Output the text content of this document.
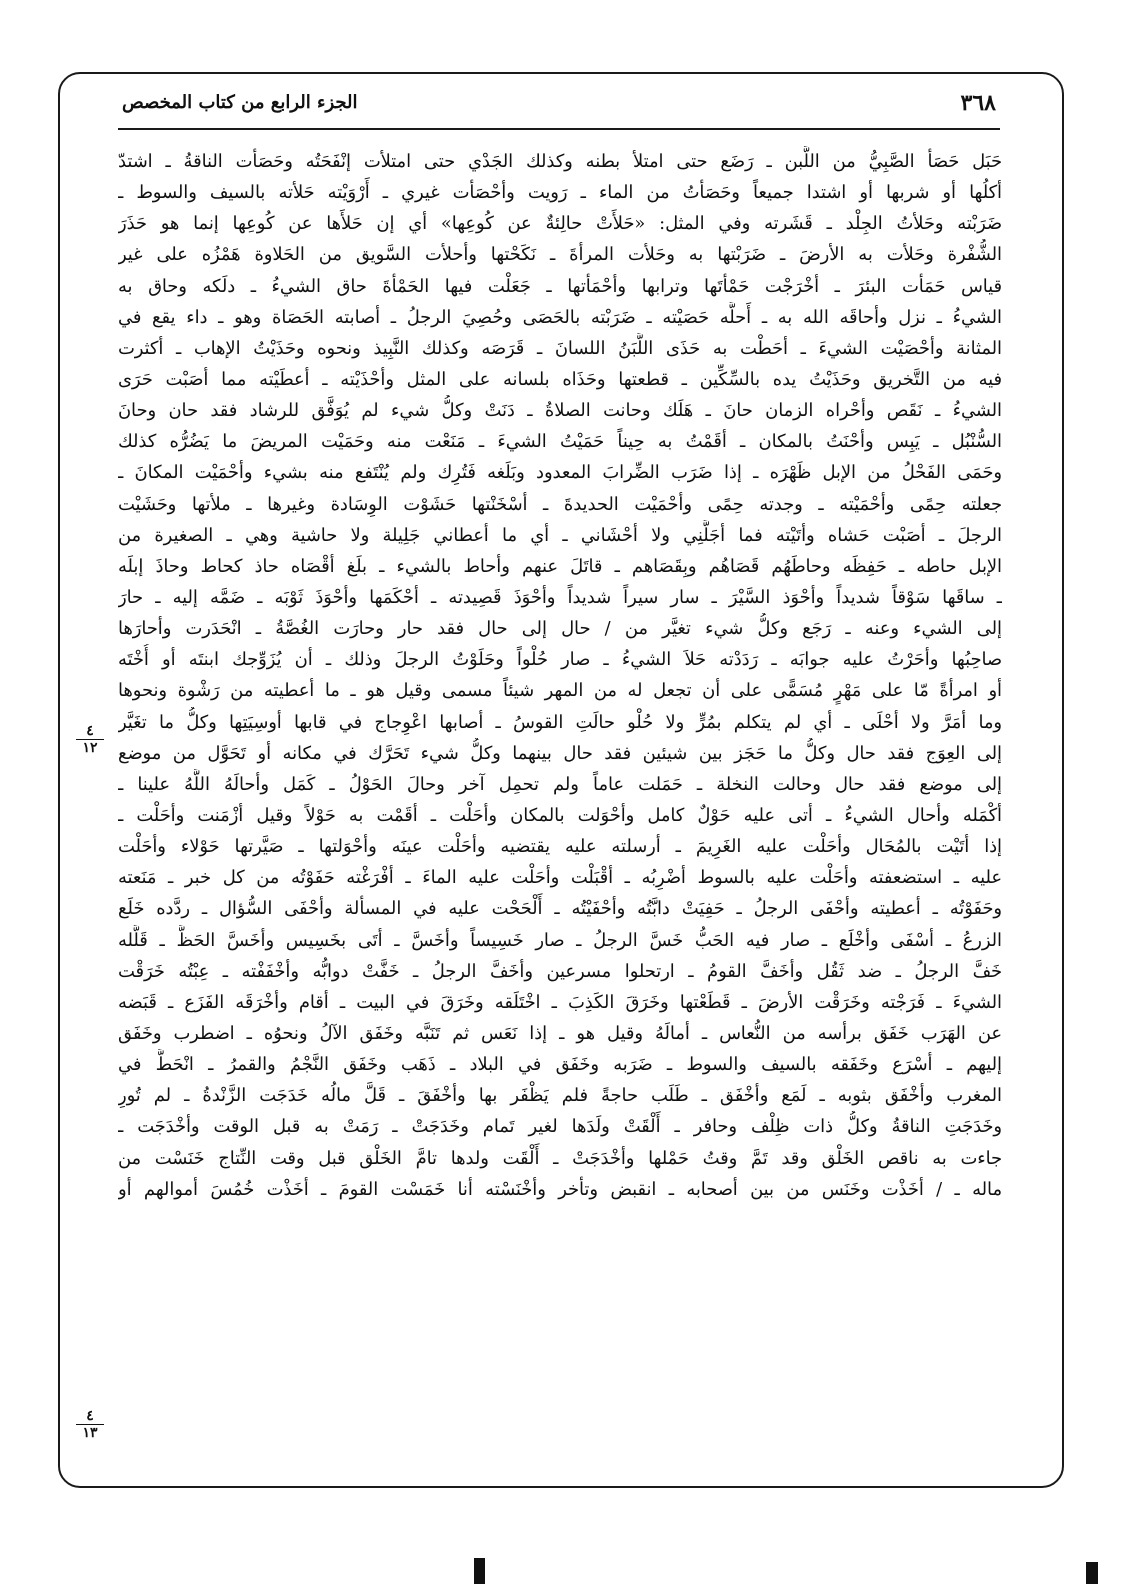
٣٦٨
الجزء الرابع من كتاب المخصص
حَبَل حَصَأ الصَّبِيُّ من اللَّبن ـ رَضَع حتى امتلأ بطنه وكذلك الجَدْي حتى امتلأت إنْفَحَتُه وحَصَأت الناقةُ ـ اشتدّ
أكلُها أو شربها أو اشتدا جميعاً وحَصَأتُ من الماء ـ رَويت وأحْصَأت غيري ـ أَرْوَيْته حَلأته بالسيف والسوط ـ
ضَرَبْته وحَلأتُ الجِلْد ـ قَشَرته وفي المثل: «حَلأَتْ حالِئةٌ عن كُوعِها» أي إن حَلأَها عن كُوعِها إنما هو حَذَرَ
الشُّفْرة وحَلأت به الأرضَ ـ ضَرَبْتها به وحَلأت المرأةَ ـ نَكَحْتها وأحلأت السَّويق من الحَلاوة هَمْزُه على غير
قياس حَمَأت البئرَ ـ أخْرَجْت حَمْأتَها وترابها وأحْمَأتها ـ جَعَلْت فيها الحَمْأةَ حاق الشيءُ ـ دلَكه وحاق به
الشيءُ ـ نزل وأحاقَه الله به ـ أَحلَّه حَصَيْته ـ ضَرَبْته بالحَصَى وحُصِيَ الرجلُ ـ أصابته الحَصَاة وهو ـ داء يقع في
المثانة وأحْصَيْت الشيءَ ـ أحَطْت به حَذَى اللَّبَنُ اللسانَ ـ قَرَصَه وكذلك النَّبِيذ ونحوه وحَذَيْتُ الإهاب ـ أكثرت
فيه من التَّخريق وحَذَيْتُ يده بالسِّكِّين ـ قطعتها وحَذَاه بلسانه على المثل وأحْذَيْته ـ أعطَيْته مما أصَبْت حَرَى
الشيءُ ـ نَقَص وأحْراه الزمان حانَ ـ هَلَك وحانت الصلاةُ ـ دَنَتْ وكلُّ شيء لم يُوَفَّق للرشاد فقد حان وحانَ
السُّنْبُل ـ يَبِس وأحْنَتُ بالمكان ـ أقَمْتُ به حِيناً حَمَيْتُ الشيءَ ـ مَنَعْت منه وحَمَيْت المريضَ ما يَضُرُّه كذلك
وحَمَى الفَحْلُ من الإبل ظَهْرَه ـ إذا ضَرَب الضِّرابَ المعدود وبَلَغه فَتُرِك ولم يُنْتَفع منه بشيء وأحْمَيْت المكانَ ـ
جعلته حِمًى وأحْمَيْته ـ وجدته حِمًى وأحْمَيْت الحديدةَ ـ أسْخَنْتها حَشَوْت الوِسَادة وغيرها ـ ملأتها وحَشَيْت
الرجلَ ـ أصَبْت حَشاه وأتَيْته فما أجَلَّنِي ولا أحْشَاني ـ أي ما أعطاني جَلِيلة ولا حاشية وهي ـ الصغيرة من
الإبل حاطه ـ حَفِظَه وحاطَهُم قَصَاهُم وبِقَصَاهم ـ قاتَلَ عنهم وأحاط بالشيء ـ بلَغ أقْصَاه حاذ كحاط وحاذَ إبلَه
ـ ساقَها سَوْقاً شديداً وأحْوَذ السَّيْرَ ـ سار سيراً شديداً وأحْوَذَ قَصِيدته ـ أحْكَمَها وأحْوَذَ ثَوْبَه ـ ضَمَّه إليه ـ حارَ
إلى الشيء وعنه ـ رَجَع وكلُّ شيء تغيَّر من / حال إلى حال فقد حار وحارَت الغُصَّةُ ـ انْحَدَرت وأحارَها
صاحِبُها وأحَرْتُ عليه جوابَه ـ رَدَدْته حَلاَ الشيءُ ـ صار حُلْواً وحَلَوْتُ الرجلَ وذلك ـ أن يُزَوِّجك ابنتَه أو أُخْتَه
أو امرأةً مّا على مَهْرٍ مُسَمًّى على أن تجعل له من المهر شيئاً مسمى وقيل هو ـ ما أعطيته من رَشْوة ونحوها
وما أمَرَّ ولا أحْلَى ـ أي لم يتكلم بمُرٍّ ولا حُلْو حالَتِ القوسُ ـ أصابها اعْوِجاج في قابها أوسِيَتِها وكلُّ ما تغَيَّر
إلى العِوَج فقد حال وكلُّ ما حَجَز بين شيئين فقد حال بينهما وكلُّ شيء تَحَرَّك في مكانه أو تَحَوَّل من موضع
إلى موضع فقد حال وحالت النخلة ـ حَمَلت عاماً ولم تحمِل آخر وحالَ الحَوْلُ ـ كَمَل وأحالَهُ اللَّهُ علينا ـ
أكْمَله وأحال الشيءُ ـ أتى عليه حَوْلٌ كامل وأحْوَلت بالمكان وأحَلْت ـ أقَمْت به حَوْلاً وقيل أزْمَنت وأحَلْت ـ
إذا أتَيْت بالمُحَال وأحَلْت عليه الغَرِيمَ ـ أرسلته عليه يقتضيه وأحَلْت عينَه وأحْوَلتها ـ صَيَّرتها حَوْلاء وأحَلْت
عليه ـ استضعفته وأحَلْت عليه بالسوط أضْرِبُه ـ أقْبَلْت وأحَلْت عليه الماءَ ـ أفْرَغْته حَفَوْتُه من كل خبر ـ مَنَعته
وحَفَوْتُه ـ أعطيته وأحْفَى الرجلُ ـ حَفِيَتْ دابَّتُه وأحْفَيْتُه ـ أَلْحَحْت عليه في المسألة وأحْفَى السُّؤال ـ ردَّده خَلَع
الزرعُ ـ أسْفَى وأخْلَع ـ صار فيه الحَبُّ خَسَّ الرجلُ ـ صار خَسِيساً وأخَسَّ ـ أتَى بخَسِيس وأخَسَّ الحَظَّ ـ قَلَّله
خَفَّ الرجلُ ـ ضد ثَقُل وأخَفَّ القومُ ـ ارتحلوا مسرعين وأخَفَّ الرجلُ ـ خَفَّتْ دوابُّه وأخْفَفْته ـ عِبْتُه خَرَقْت
الشيءَ ـ فَرَجْته وخَرَقْت الأرضَ ـ قَطَعْتها وخَرَقَ الكَذِبَ ـ اخْتَلَقه وخَرَقَ في البيت ـ أقام وأخْرَقَه الفَزَع ـ قَبَضه
عن الهَرَب خَفَق برأسه من النُّعاس ـ أمالَهُ وقيل هو ـ إذا نَعَس ثم تَنَبَّه وخَفَق الآلُ ونحوُه ـ اضطرب وخَفَق
إليهم ـ أسْرَع وخَفَقه بالسيف والسوط ـ ضَرَبه وخَفَق في البلاد ـ ذَهَب وخَفَق النَّجْمُ والقمرُ ـ انْحَطَّ في
المغرب وأخْفَق بثوبه ـ لَمَع وأخْفَق ـ طَلَب حاجةً فلم يَظْفَر بها وأخْفَقَ ـ قَلَّ مالُه خَدَجَت الزَّنْدةُ ـ لم تُورِ
وخَدَجَتِ الناقةُ وكلُّ ذات ظِلْف وحافر ـ أَلْقَتْ ولَدَها لغير تَمام وخَدَجَتْ ـ رَمَتْ به قبل الوقت وأخْدَجَت ـ
جاءت به ناقص الخَلْق وقد تَمَّ وقتُ حَمْلها وأخْدَجَتْ ـ أَلْقَت ولدها تامَّ الخَلْق قبل وقت النِّتاج خَنَسْت من
ماله ـ / أخَذْت وخَنَس من بين أصحابه ـ انقبض وتأخر وأخْنَسْته أنا خَمَسْت القومَ ـ أخَذْت خُمُسَ أموالهم أو
٤
١٢
٤
١٣
